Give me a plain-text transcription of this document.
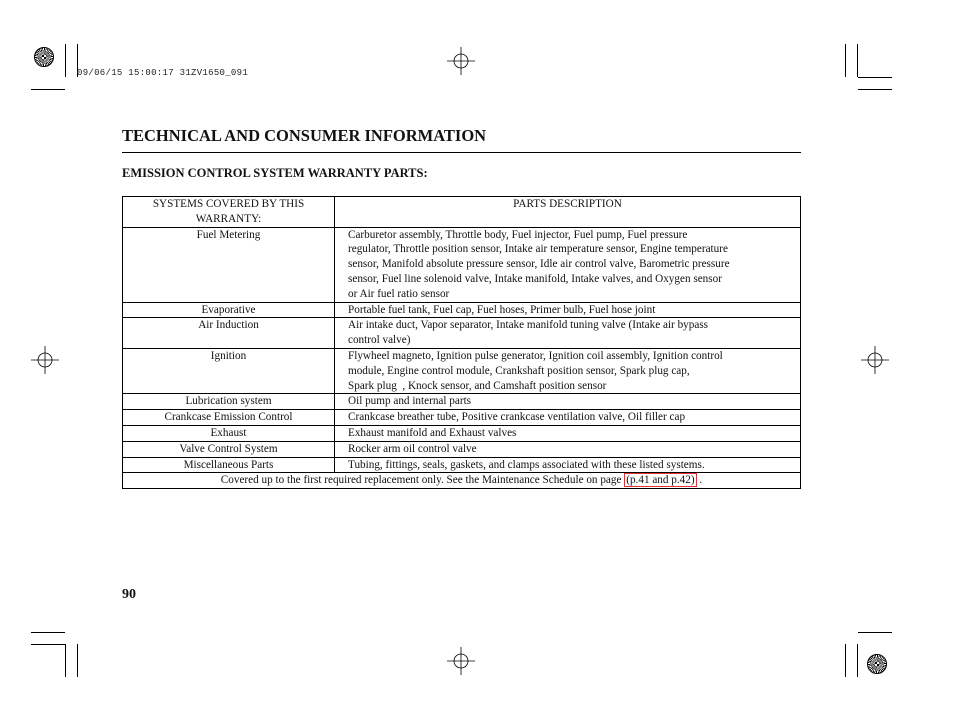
09/06/15 15:00:17 31ZV1650_091
TECHNICAL AND CONSUMER INFORMATION
EMISSION CONTROL SYSTEM WARRANTY PARTS:
SYSTEMS COVERED BY THIS WARRANTY:	PARTS DESCRIPTION
Fuel Metering	Carburetor assembly, Throttle body, Fuel injector, Fuel pump, Fuel pressure
regulator, Throttle position sensor, Intake air temperature sensor, Engine temperature
sensor, Manifold absolute pressure sensor, Idle air control valve, Barometric pressure
sensor, Fuel line solenoid valve, Intake manifold, Intake valves, and Oxygen sensor
or Air fuel ratio sensor

Evaporative	Portable fuel tank, Fuel cap, Fuel hoses, Primer bulb, Fuel hose joint

Air Induction	Air intake duct, Vapor separator, Intake manifold tuning valve (Intake air bypass
control valve)

Ignition	Flywheel magneto, Ignition pulse generator, Ignition coil assembly, Ignition control
module, Engine control module, Crankshaft position sensor, Spark plug cap,
Spark plug  , Knock sensor, and Camshaft position sensor

Lubrication system	Oil pump and internal parts

Crankcase Emission Control	Crankcase breather tube, Positive crankcase ventilation valve, Oil filler cap

Exhaust	Exhaust manifold and Exhaust valves

Valve Control System	Rocker arm oil control valve

Miscellaneous Parts	Tubing, fittings, seals, gaskets, and clamps associated with these listed systems.

Covered up to the first required replacement only. See the Maintenance Schedule on page (p.41 and p.42) .	
90
